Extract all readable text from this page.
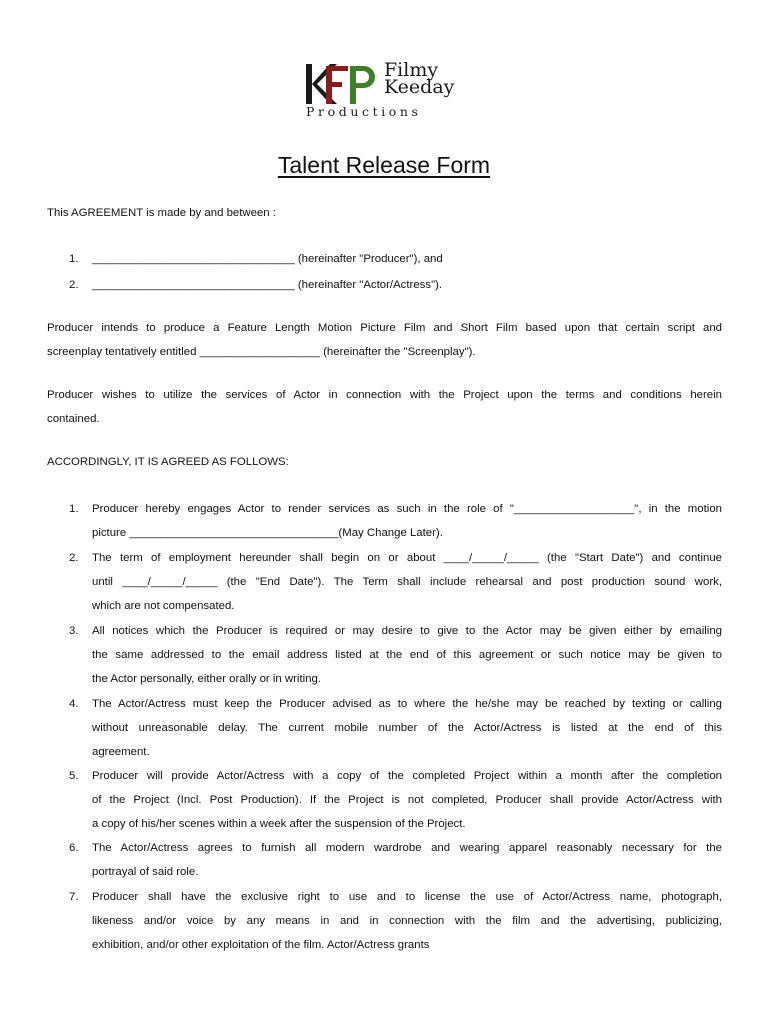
Filmy
Keeday
Productions
Talent Release Form
This AGREEMENT is made by and between :
1. ________________________________ (hereinafter "Producer"), and
2. ________________________________ (hereinafter "Actor/Actress").
Producer intends to produce a Feature Length Motion Picture Film and Short Film based upon that certain script and
screenplay tentatively entitled ___________________ (hereinafter the "Screenplay").
Producer wishes to utilize the services of Actor in connection with the Project upon the terms and conditions herein
contained.
ACCORDINGLY, IT IS AGREED AS FOLLOWS:
1. Producer hereby engages Actor to render services as such in the role of "___________________", in the motion
picture _________________________________(May Change Later).
2. The term of employment hereunder shall begin on or about ____/_____/_____ (the "Start Date") and continue
until ____/_____/_____ (the "End Date"). The Term shall include rehearsal and post production sound work,
which are not compensated.
3. All notices which the Producer is required or may desire to give to the Actor may be given either by emailing
the same addressed to the email address listed at the end of this agreement or such notice may be given to
the Actor personally, either orally or in writing.
4. The Actor/Actress must keep the Producer advised as to where the he/she may be reached by texting or calling
without unreasonable delay. The current mobile number of the Actor/Actress is listed at the end of this
agreement.
5. Producer will provide Actor/Actress with a copy of the completed Project within a month after the completion
of the Project (Incl. Post Production). If the Project is not completed, Producer shall provide Actor/Actress with
a copy of his/her scenes within a week after the suspension of the Project.
6. The Actor/Actress agrees to furnish all modern wardrobe and wearing apparel reasonably necessary for the
portrayal of said role.
7. Producer shall have the exclusive right to use and to license the use of Actor/Actress name, photograph,
likeness and/or voice by any means in and in connection with the film and the advertising, publicizing,
exhibition, and/or other exploitation of the film. Actor/Actress grants
